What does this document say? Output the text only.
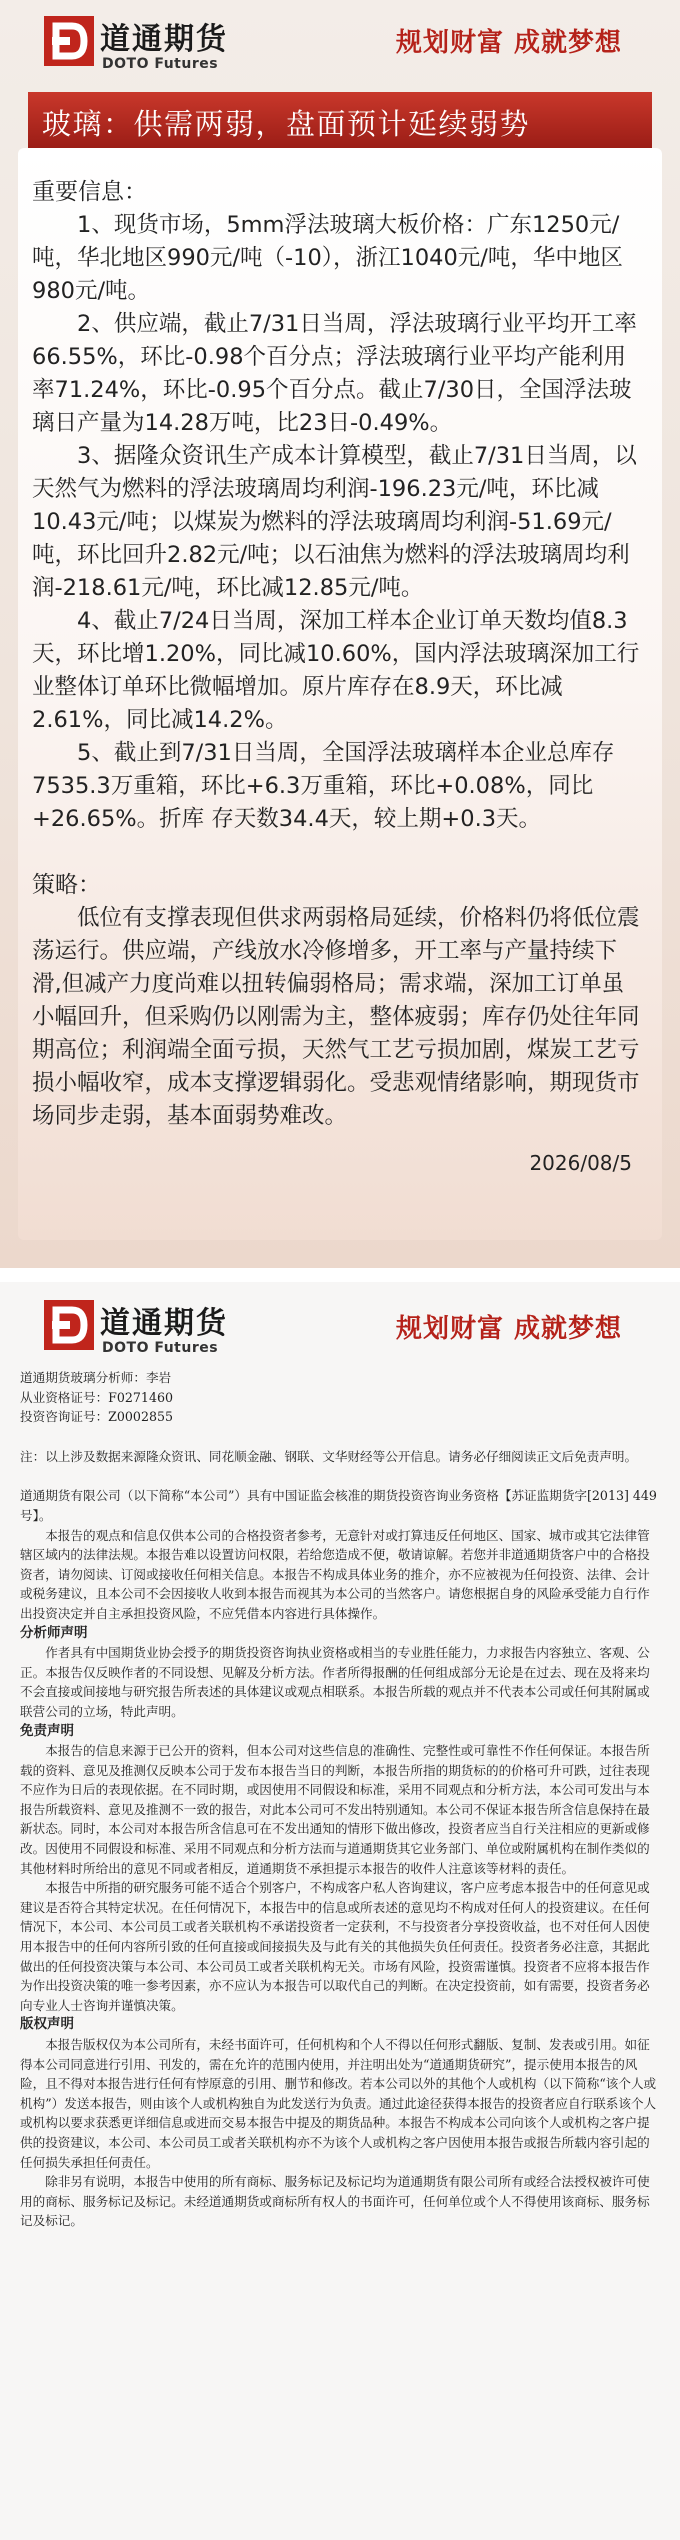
道通期货
DOTO Futures
规划财富 成就梦想
玻璃：供需两弱，盘面预计延续弱势

重要信息：

1、现货市场，5mm浮法玻璃大板价格：广东1250元/吨，华北地区990元/吨（-10），浙江1040元/吨，华中地区980元/吨。

2、供应端，截止7/31日当周，浮法玻璃行业平均开工率 66.55%，环比-0.98个百分点；浮法玻璃行业平均产能利用率71.24%，环比-0.95个百分点。截止7/30日，全国浮法玻璃日产量为14.28万吨，比23日-0.49%。

3、据隆众资讯生产成本计算模型，截止7/31日当周，以天然气为燃料的浮法玻璃周均利润-196.23元/吨，环比减10.43元/吨；以煤炭为燃料的浮法玻璃周均利润-51.69元/吨，环比回升2.82元/吨；以石油焦为燃料的浮法玻璃周均利润-218.61元/吨，环比减12.85元/吨。

4、截止7/24日当周，深加工样本企业订单天数均值8.3天，环比增1.20%，同比减10.60%，国内浮法玻璃深加工行业整体订单环比微幅增加。原片库存在8.9天，环比减2.61%，同比减14.2%。

5、截止到7/31日当周，全国浮法玻璃样本企业总库存7535.3万重箱，环比+6.3万重箱，环比+0.08%，同比+26.65%。折库 存天数34.4天，较上期+0.3天。

策略：

低位有支撑表现但供求两弱格局延续，价格料仍将低位震荡运行。供应端，产线放水冷修增多，开工率与产量持续下滑,但减产力度尚难以扭转偏弱格局；需求端，深加工订单虽小幅回升，但采购仍以刚需为主，整体疲弱；库存仍处往年同期高位；利润端全面亏损，天然气工艺亏损加剧，煤炭工艺亏损小幅收窄，成本支撑逻辑弱化。受悲观情绪影响，期现货市场同步走弱，基本面弱势难改。

2026/08/5
道通期货
DOTO Futures
规划财富 成就梦想

道通期货玻璃分析师：李岩

从业资格证号：F0271460

投资咨询证号：Z0002855

注：以上涉及数据来源隆众资讯、同花顺金融、钢联、文华财经等公开信息。请务必仔细阅读正文后免责声明。

道通期货有限公司（以下简称“本公司”）具有中国证监会核准的期货投资咨询业务资格【苏证监期货字[2013] 449号】。

本报告的观点和信息仅供本公司的合格投资者参考，无意针对或打算违反任何地区、国家、城市或其它法律管辖区域内的法律法规。本报告难以设置访问权限，若给您造成不便，敬请谅解。若您并非道通期货客户中的合格投资者，请勿阅读、订阅或接收任何相关信息。本报告不构成具体业务的推介，亦不应被视为任何投资、法律、会计或税务建议，且本公司不会因接收人收到本报告而视其为本公司的当然客户。请您根据自身的风险承受能力自行作出投资决定并自主承担投资风险，不应凭借本内容进行具体操作。

分析师声明

作者具有中国期货业协会授予的期货投资咨询执业资格或相当的专业胜任能力，力求报告内容独立、客观、公正。本报告仅反映作者的不同设想、见解及分析方法。作者所得报酬的任何组成部分无论是在过去、现在及将来均不会直接或间接地与研究报告所表述的具体建议或观点相联系。本报告所载的观点并不代表本公司或任何其附属或联营公司的立场，特此声明。

免责声明

本报告的信息来源于已公开的资料，但本公司对这些信息的准确性、完整性或可靠性不作任何保证。本报告所载的资料、意见及推测仅反映本公司于发布本报告当日的判断，本报告所指的期货标的的价格可升可跌，过往表现不应作为日后的表现依据。在不同时期，或因使用不同假设和标准，采用不同观点和分析方法，本公司可发出与本报告所载资料、意见及推测不一致的报告，对此本公司可不发出特别通知。本公司不保证本报告所含信息保持在最新状态。同时，本公司对本报告所含信息可在不发出通知的情形下做出修改，投资者应当自行关注相应的更新或修改。因使用不同假设和标准、采用不同观点和分析方法而与道通期货其它业务部门、单位或附属机构在制作类似的其他材料时所给出的意见不同或者相反，道通期货不承担提示本报告的收件人注意该等材料的责任。

本报告中所指的研究服务可能不适合个别客户，不构成客户私人咨询建议，客户应考虑本报告中的任何意见或建议是否符合其特定状况。在任何情况下，本报告中的信息或所表述的意见均不构成对任何人的投资建议。在任何情况下，本公司、本公司员工或者关联机构不承诺投资者一定获利，不与投资者分享投资收益，也不对任何人因使用本报告中的任何内容所引致的任何直接或间接损失及与此有关的其他损失负任何责任。投资者务必注意，其据此做出的任何投资决策与本公司、本公司员工或者关联机构无关。市场有风险，投资需谨慎。投资者不应将本报告作为作出投资决策的唯一参考因素，亦不应认为本报告可以取代自己的判断。在决定投资前，如有需要，投资者务必向专业人士咨询并谨慎决策。

版权声明

本报告版权仅为本公司所有，未经书面许可，任何机构和个人不得以任何形式翻版、复制、发表或引用。如征得本公司同意进行引用、刊发的，需在允许的范围内使用，并注明出处为“道通期货研究”，提示使用本报告的风险，且不得对本报告进行任何有悖原意的引用、删节和修改。若本公司以外的其他个人或机构（以下简称“该个人或机构”）发送本报告，则由该个人或机构独自为此发送行为负责。通过此途径获得本报告的投资者应自行联系该个人或机构以要求获悉更详细信息或进而交易本报告中提及的期货品种。本报告不构成本公司向该个人或机构之客户提供的投资建议，本公司、本公司员工或者关联机构亦不为该个人或机构之客户因使用本报告或报告所载内容引起的任何损失承担任何责任。

除非另有说明，本报告中使用的所有商标、服务标记及标记均为道通期货有限公司所有或经合法授权被许可使用的商标、服务标记及标记。未经道通期货或商标所有权人的书面许可，任何单位或个人不得使用该商标、服务标记及标记。
